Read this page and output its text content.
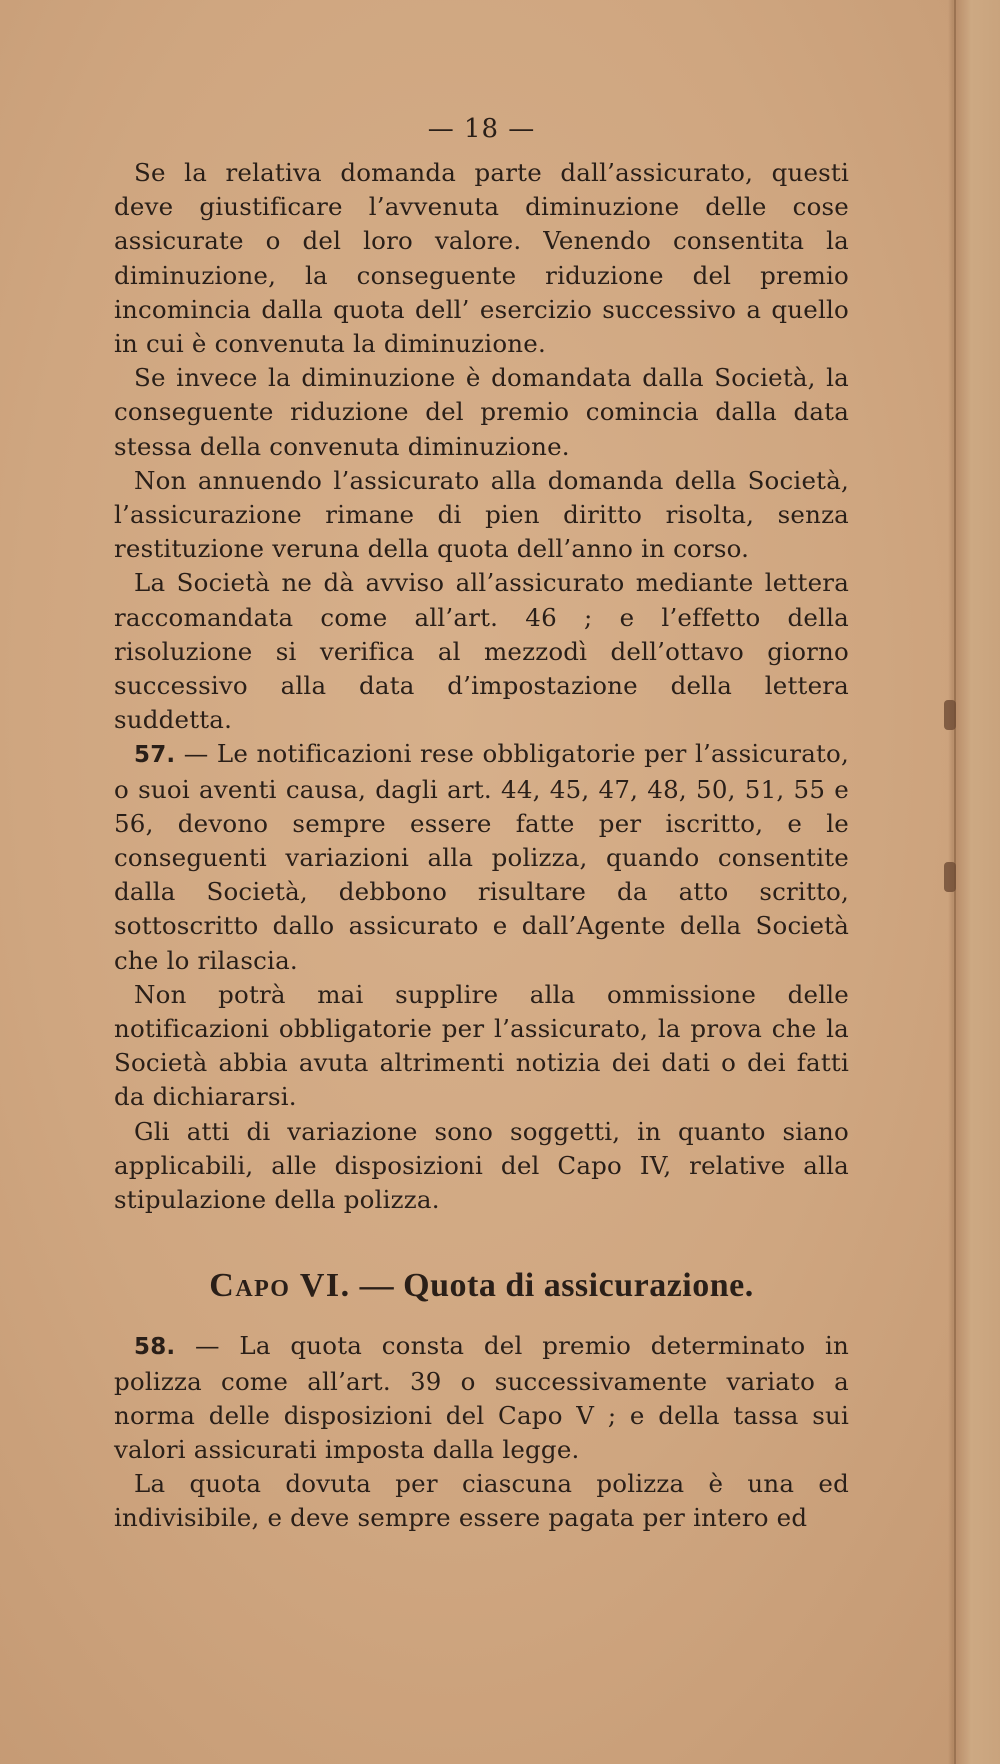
— 18 —

Se la relativa domanda parte dall’assicurato, questi deve giustificare l’avvenuta diminuzione delle cose assicurate o del loro valore. Venendo consentita la diminuzione, la conseguente riduzione del premio incomincia dalla quota dell’ esercizio successivo a quello in cui è convenuta la diminuzione.

Se invece la diminuzione è domandata dalla Società, la conseguente riduzione del premio comincia dalla data stessa della convenuta diminuzione.

Non annuendo l’assicurato alla domanda della Società, l’assicurazione rimane di pien diritto risolta, senza restituzione veruna della quota dell’anno in corso.

La Società ne dà avviso all’assicurato mediante lettera raccomandata come all’art. 46 ; e l’effetto della risoluzione si verifica al mezzodì dell’ottavo giorno successivo alla data d’impostazione della lettera suddetta.

57. — Le notificazioni rese obbligatorie per l’assicurato, o suoi aventi causa, dagli art. 44, 45, 47, 48, 50, 51, 55 e 56, devono sempre essere fatte per iscritto, e le conseguenti variazioni alla polizza, quando consentite dalla Società, debbono risultare da atto scritto, sottoscritto dallo assicurato e dall’Agente della Società che lo rilascia.

Non potrà mai supplire alla ommissione delle notificazioni obbligatorie per l’assicurato, la prova che la Società abbia avuta altrimenti notizia dei dati o dei fatti da dichiararsi.

Gli atti di variazione sono soggetti, in quanto siano applicabili, alle disposizioni del Capo IV, relative alla stipulazione della polizza.

Capo VI. — Quota di assicurazione.

58. — La quota consta del premio determinato in polizza come all’art. 39 o successivamente variato a norma delle disposizioni del Capo V ; e della tassa sui valori assicurati imposta dalla legge.

La quota dovuta per ciascuna polizza è una ed indivisibile, e deve sempre essere pagata per intero ed
